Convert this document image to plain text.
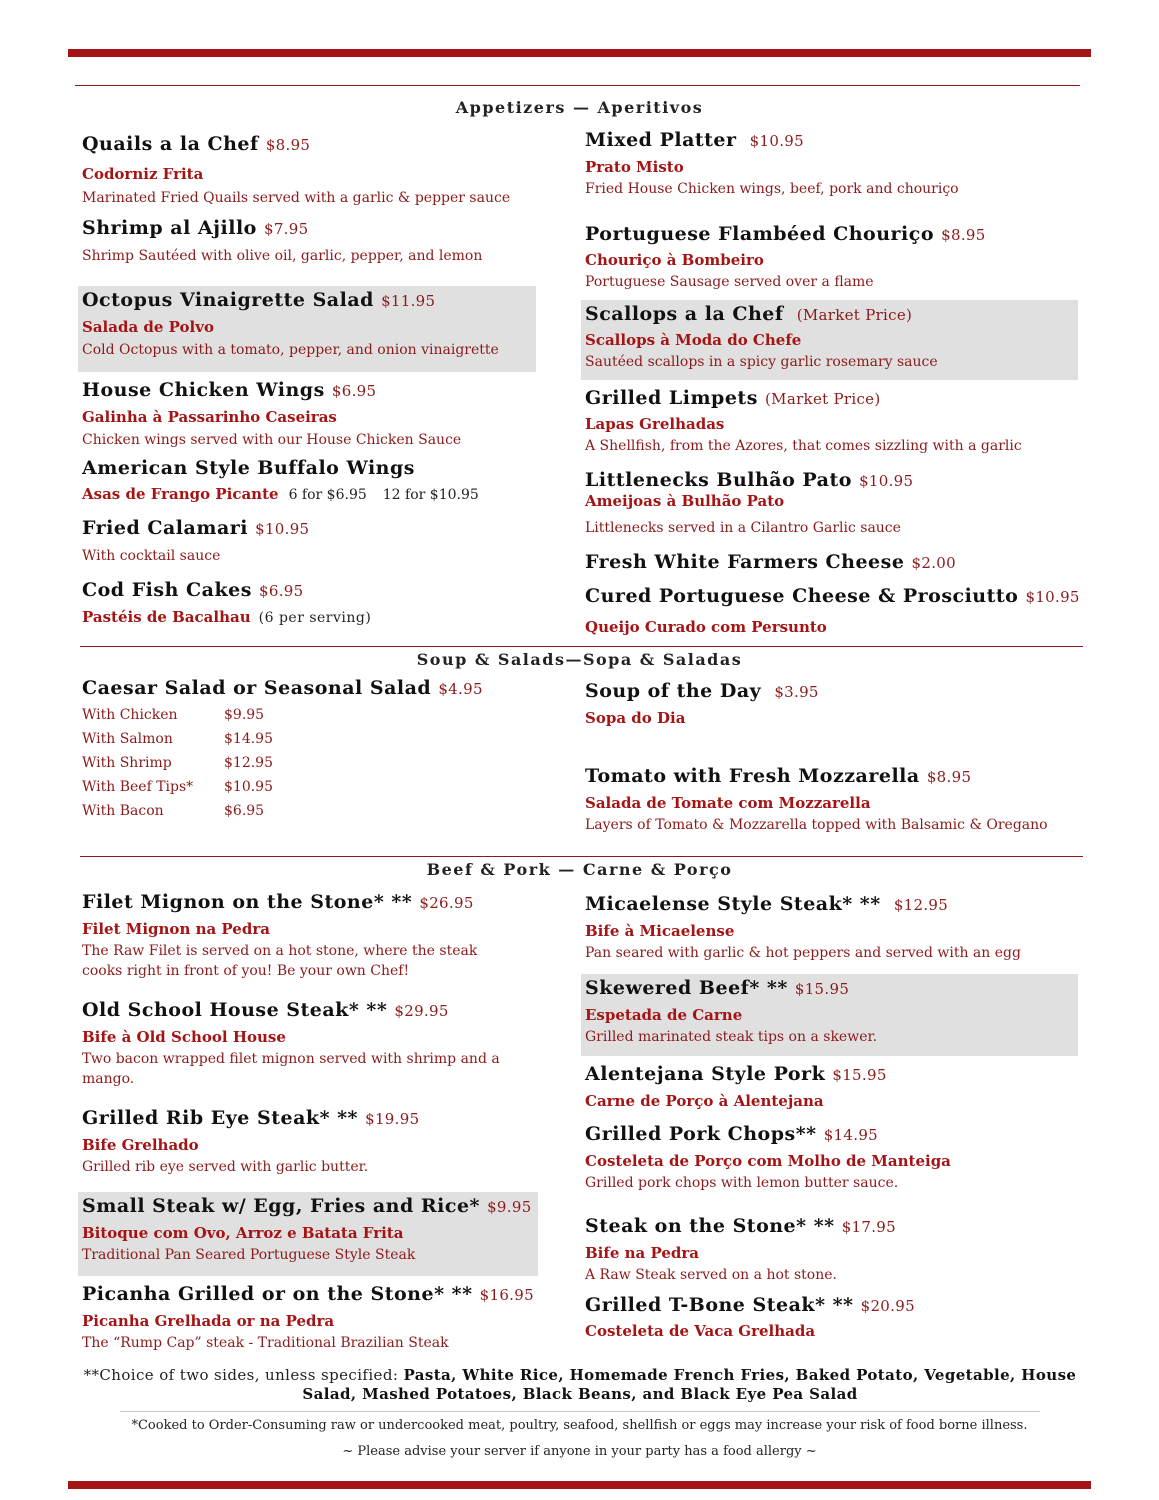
Appetizers — Aperitivos
Quails a la Chef $8.95
Codorniz Frita
Marinated Fried Quails served with a garlic & pepper sauce
Shrimp al Ajillo $7.95
Shrimp Sautéed with olive oil, garlic, pepper, and lemon
Octopus Vinaigrette Salad $11.95
Salada de Polvo
Cold Octopus with a tomato, pepper, and onion vinaigrette
House Chicken Wings $6.95
Galinha à Passarinho Caseiras
Chicken wings served with our House Chicken Sauce
American Style Buffalo Wings
Asas de Frango Picante 6 for $6.95 12 for $10.95
Fried Calamari $10.95
With cocktail sauce
Cod Fish Cakes $6.95
Pastéis de Bacalhau (6 per serving)
Mixed Platter $10.95
Prato Misto
Fried House Chicken wings, beef, pork and chouriço
Portuguese Flambéed Chouriço $8.95
Chouriço à Bombeiro
Portuguese Sausage served over a flame
Scallops a la Chef (Market Price)
Scallops à Moda do Chefe
Sautéed scallops in a spicy garlic rosemary sauce
Grilled Limpets (Market Price)
Lapas Grelhadas
A Shellfish, from the Azores, that comes sizzling with a garlic
Littlenecks Bulhão Pato $10.95
Ameijoas à Bulhão Pato
Littlenecks served in a Cilantro Garlic sauce
Fresh White Farmers Cheese $2.00
Cured Portuguese Cheese & Prosciutto $10.95
Queijo Curado com Persunto
Soup & Salads—Sopa & Saladas
Caesar Salad or Seasonal Salad $4.95
With Chicken	$9.95
With Salmon	$14.95
With Shrimp	$12.95
With Beef Tips*	$10.95
With Bacon	$6.95
Soup of the Day $3.95
Sopa do Dia
Tomato with Fresh Mozzarella $8.95
Salada de Tomate com Mozzarella
Layers of Tomato & Mozzarella topped with Balsamic & Oregano
Beef & Pork — Carne & Porço
Filet Mignon on the Stone* ** $26.95
Filet Mignon na Pedra
The Raw Filet is served on a hot stone, where the steak cooks right in front of you! Be your own Chef!
Old School House Steak* ** $29.95
Bife à Old School House
Two bacon wrapped filet mignon served with shrimp and a mango.
Grilled Rib Eye Steak* ** $19.95
Bife Grelhado
Grilled rib eye served with garlic butter.
Small Steak w/ Egg, Fries and Rice* $9.95
Bitoque com Ovo, Arroz e Batata Frita
Traditional Pan Seared Portuguese Style Steak
Picanha Grilled or on the Stone* ** $16.95
Picanha Grelhada or na Pedra
The “Rump Cap” steak - Traditional Brazilian Steak
Micaelense Style Steak* ** $12.95
Bife à Micaelense
Pan seared with garlic & hot peppers and served with an egg
Skewered Beef* ** $15.95
Espetada de Carne
Grilled marinated steak tips on a skewer.
Alentejana Style Pork $15.95
Carne de Porço à Alentejana
Grilled Pork Chops** $14.95
Costeleta de Porço com Molho de Manteiga
Grilled pork chops with lemon butter sauce.
Steak on the Stone* ** $17.95
Bife na Pedra
A Raw Steak served on a hot stone.
Grilled T-Bone Steak* ** $20.95
Costeleta de Vaca Grelhada
**Choice of two sides, unless specified: Pasta, White Rice, Homemade French Fries, Baked Potato, Vegetable, House Salad, Mashed Potatoes, Black Beans, and Black Eye Pea Salad
*Cooked to Order-Consuming raw or undercooked meat, poultry, seafood, shellfish or eggs may increase your risk of food borne illness.
~ Please advise your server if anyone in your party has a food allergy ~
